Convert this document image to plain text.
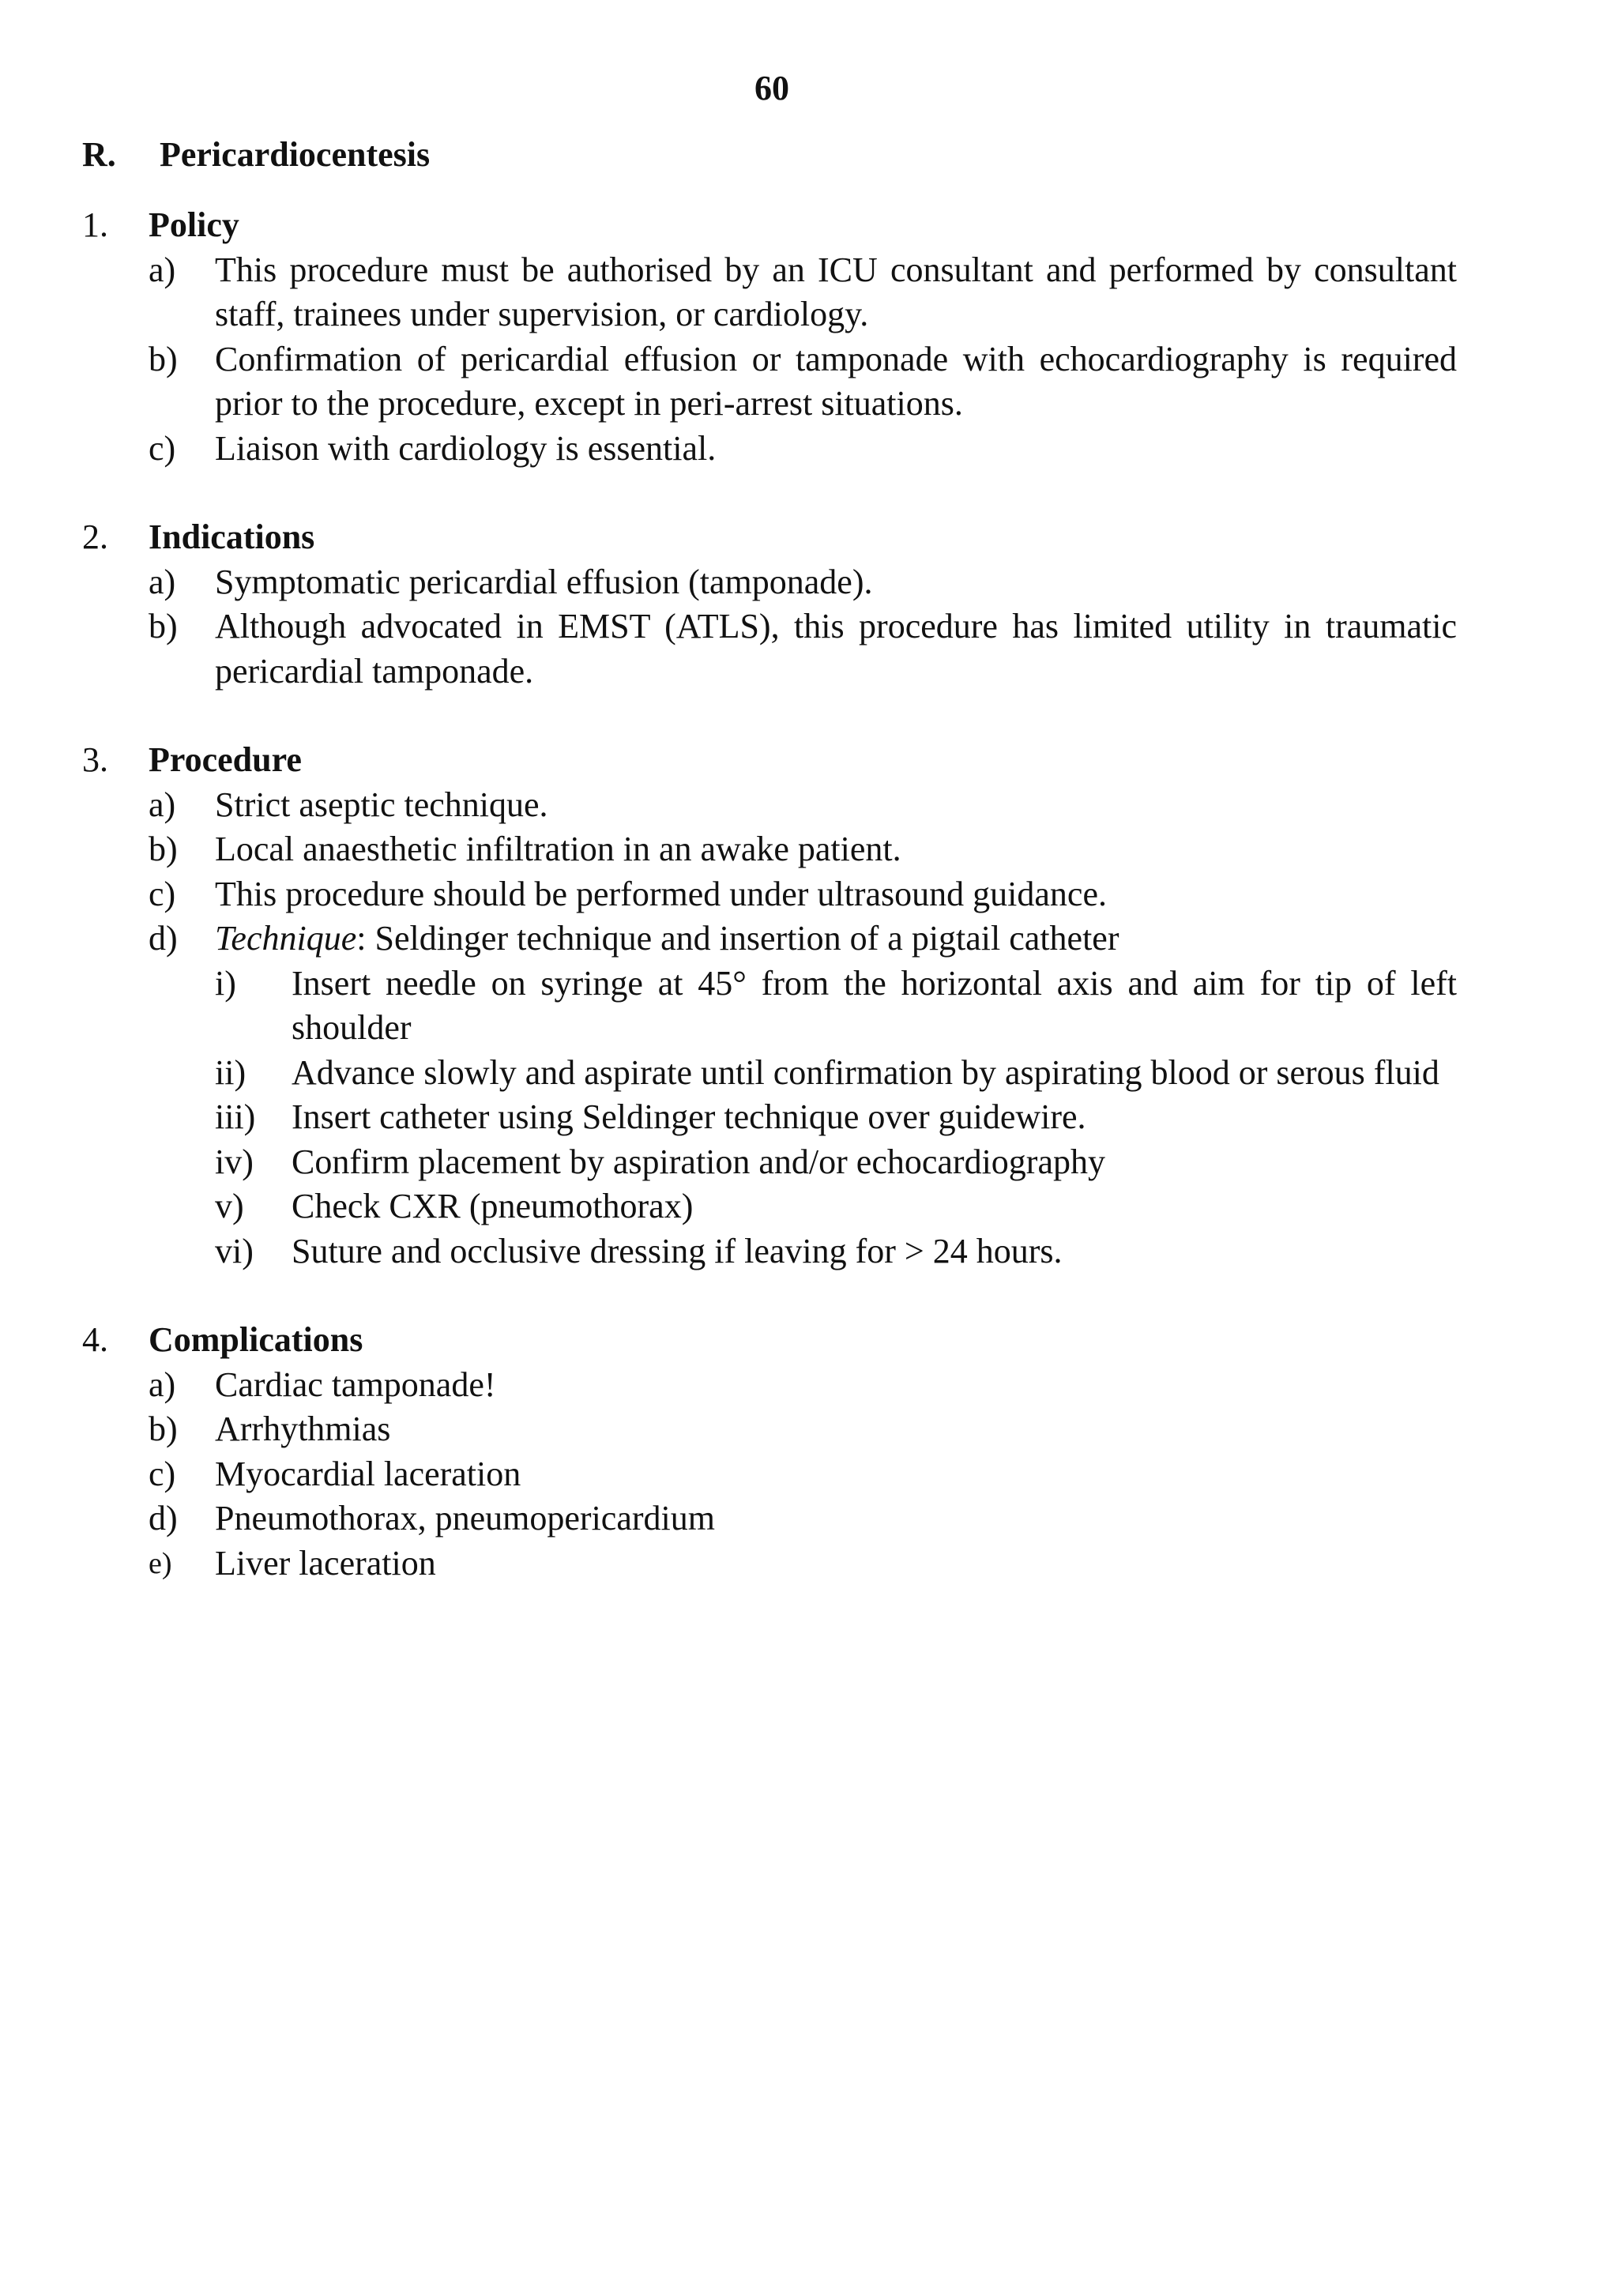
60
R. Pericardiocentesis
1. Policy
a) This procedure must be authorised by an ICU consultant and performed by consultant staff, trainees under supervision, or cardiology.
b) Confirmation of pericardial effusion or tamponade with echocardiography is required prior to the procedure, except in peri-arrest situations.
c) Liaison with cardiology is essential.
2. Indications
a) Symptomatic pericardial effusion (tamponade).
b) Although advocated in EMST (ATLS), this procedure has limited utility in traumatic pericardial tamponade.
3. Procedure
a) Strict aseptic technique.
b) Local anaesthetic infiltration in an awake patient.
c) This procedure should be performed under ultrasound guidance.
d) Technique: Seldinger technique and insertion of a pigtail catheter
i) Insert needle on syringe at 45° from the horizontal axis and aim for tip of left shoulder
ii) Advance slowly and aspirate until confirmation by aspirating blood or serous fluid
iii) Insert catheter using Seldinger technique over guidewire.
iv) Confirm placement by aspiration and/or echocardiography
v) Check CXR (pneumothorax)
vi) Suture and occlusive dressing if leaving for > 24 hours.
4. Complications
a) Cardiac tamponade!
b) Arrhythmias
c) Myocardial laceration
d) Pneumothorax, pneumopericardium
e) Liver laceration
